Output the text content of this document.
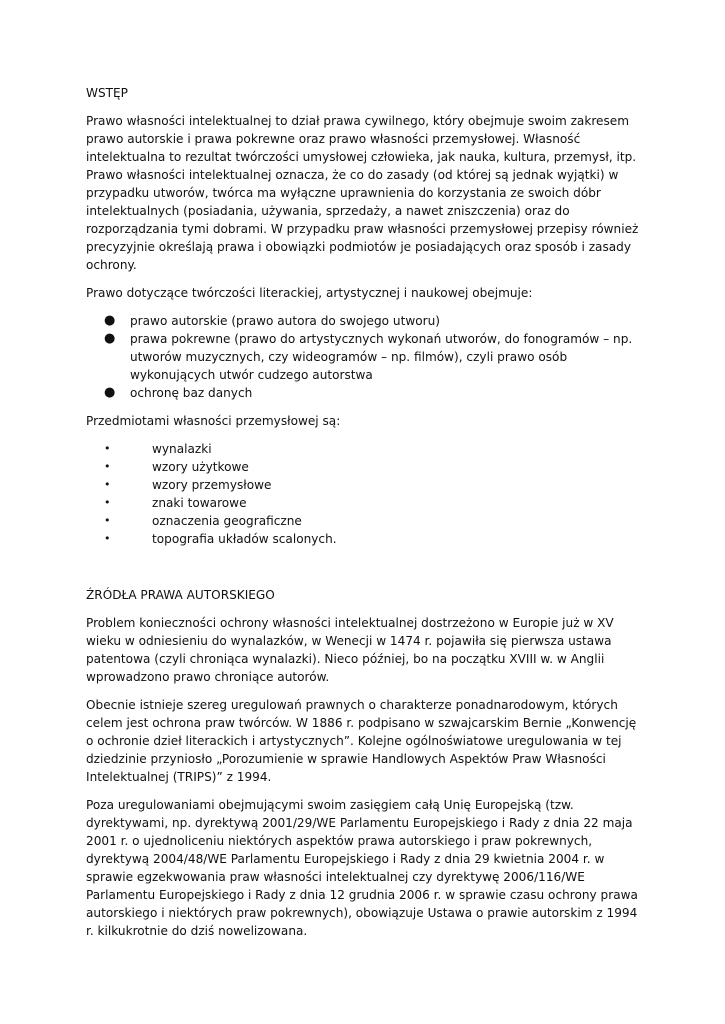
WSTĘP

Prawo własności intelektualnej to dział prawa cywilnego, który obejmuje swoim zakresem prawo autorskie i prawa pokrewne oraz prawo własności przemysłowej. Własność intelektualna to rezultat twórczości umysłowej człowieka, jak nauka, kultura, przemysł, itp. Prawo własności intelektualnej oznacza, że co do zasady (od której są jednak wyjątki) w przypadku utworów, twórca ma wyłączne uprawnienia do korzystania ze swoich dóbr intelektualnych (posiadania, używania, sprzedaży, a nawet zniszczenia) oraz do rozporządzania tymi dobrami. W przypadku praw własności przemysłowej przepisy również precyzyjnie określają prawa i obowiązki podmiotów je posiadających oraz sposób i zasady ochrony.

Prawo dotyczące twórczości literackiej, artystycznej i naukowej obejmuje:

● prawo autorskie (prawo autora do swojego utworu)
● prawa pokrewne (prawo do artystycznych wykonań utworów, do fonogramów – np. utworów muzycznych, czy wideogramów – np. filmów), czyli prawo osób wykonujących utwór cudzego autorstwa
● ochronę baz danych

Przedmiotami własności przemysłowej są:

•	wynalazki
•	wzory użytkowe
•	wzory przemysłowe
•	znaki towarowe
•	oznaczenia geograficzne
•	topografia układów scalonych.
ŹRÓDŁA PRAWA AUTORSKIEGO

Problem konieczności ochrony własności intelektualnej dostrzeżono w Europie już w XV wieku w odniesieniu do wynalazków, w Wenecji w 1474 r. pojawiła się pierwsza ustawa patentowa (czyli chroniąca wynalazki). Nieco później, bo na początku XVIII w. w Anglii wprowadzono prawo chroniące autorów.

Obecnie istnieje szereg uregulowań prawnych o charakterze ponadnarodowym, których celem jest ochrona praw twórców. W 1886 r. podpisano w szwajcarskim Bernie „Konwencję o ochronie dzieł literackich i artystycznych”. Kolejne ogólnoświatowe uregulowania w tej dziedzinie przyniosło „Porozumienie w sprawie Handlowych Aspektów Praw Własności Intelektualnej (TRIPS)” z 1994.

Poza uregulowaniami obejmującymi swoim zasięgiem całą Unię Europejską (tzw. dyrektywami, np. dyrektywą 2001/29/WE Parlamentu Europejskiego i Rady z dnia 22 maja 2001 r. o ujednoliceniu niektórych aspektów prawa autorskiego i praw pokrewnych, dyrektywą 2004/48/WE Parlamentu Europejskiego i Rady z dnia 29 kwietnia 2004 r. w sprawie egzekwowania praw własności intelektualnej czy dyrektywę 2006/116/WE Parlamentu Europejskiego i Rady z dnia 12 grudnia 2006 r. w sprawie czasu ochrony prawa autorskiego i niektórych praw pokrewnych), obowiązuje Ustawa o prawie autorskim z 1994 r. kilkukrotnie do dziś nowelizowana.
